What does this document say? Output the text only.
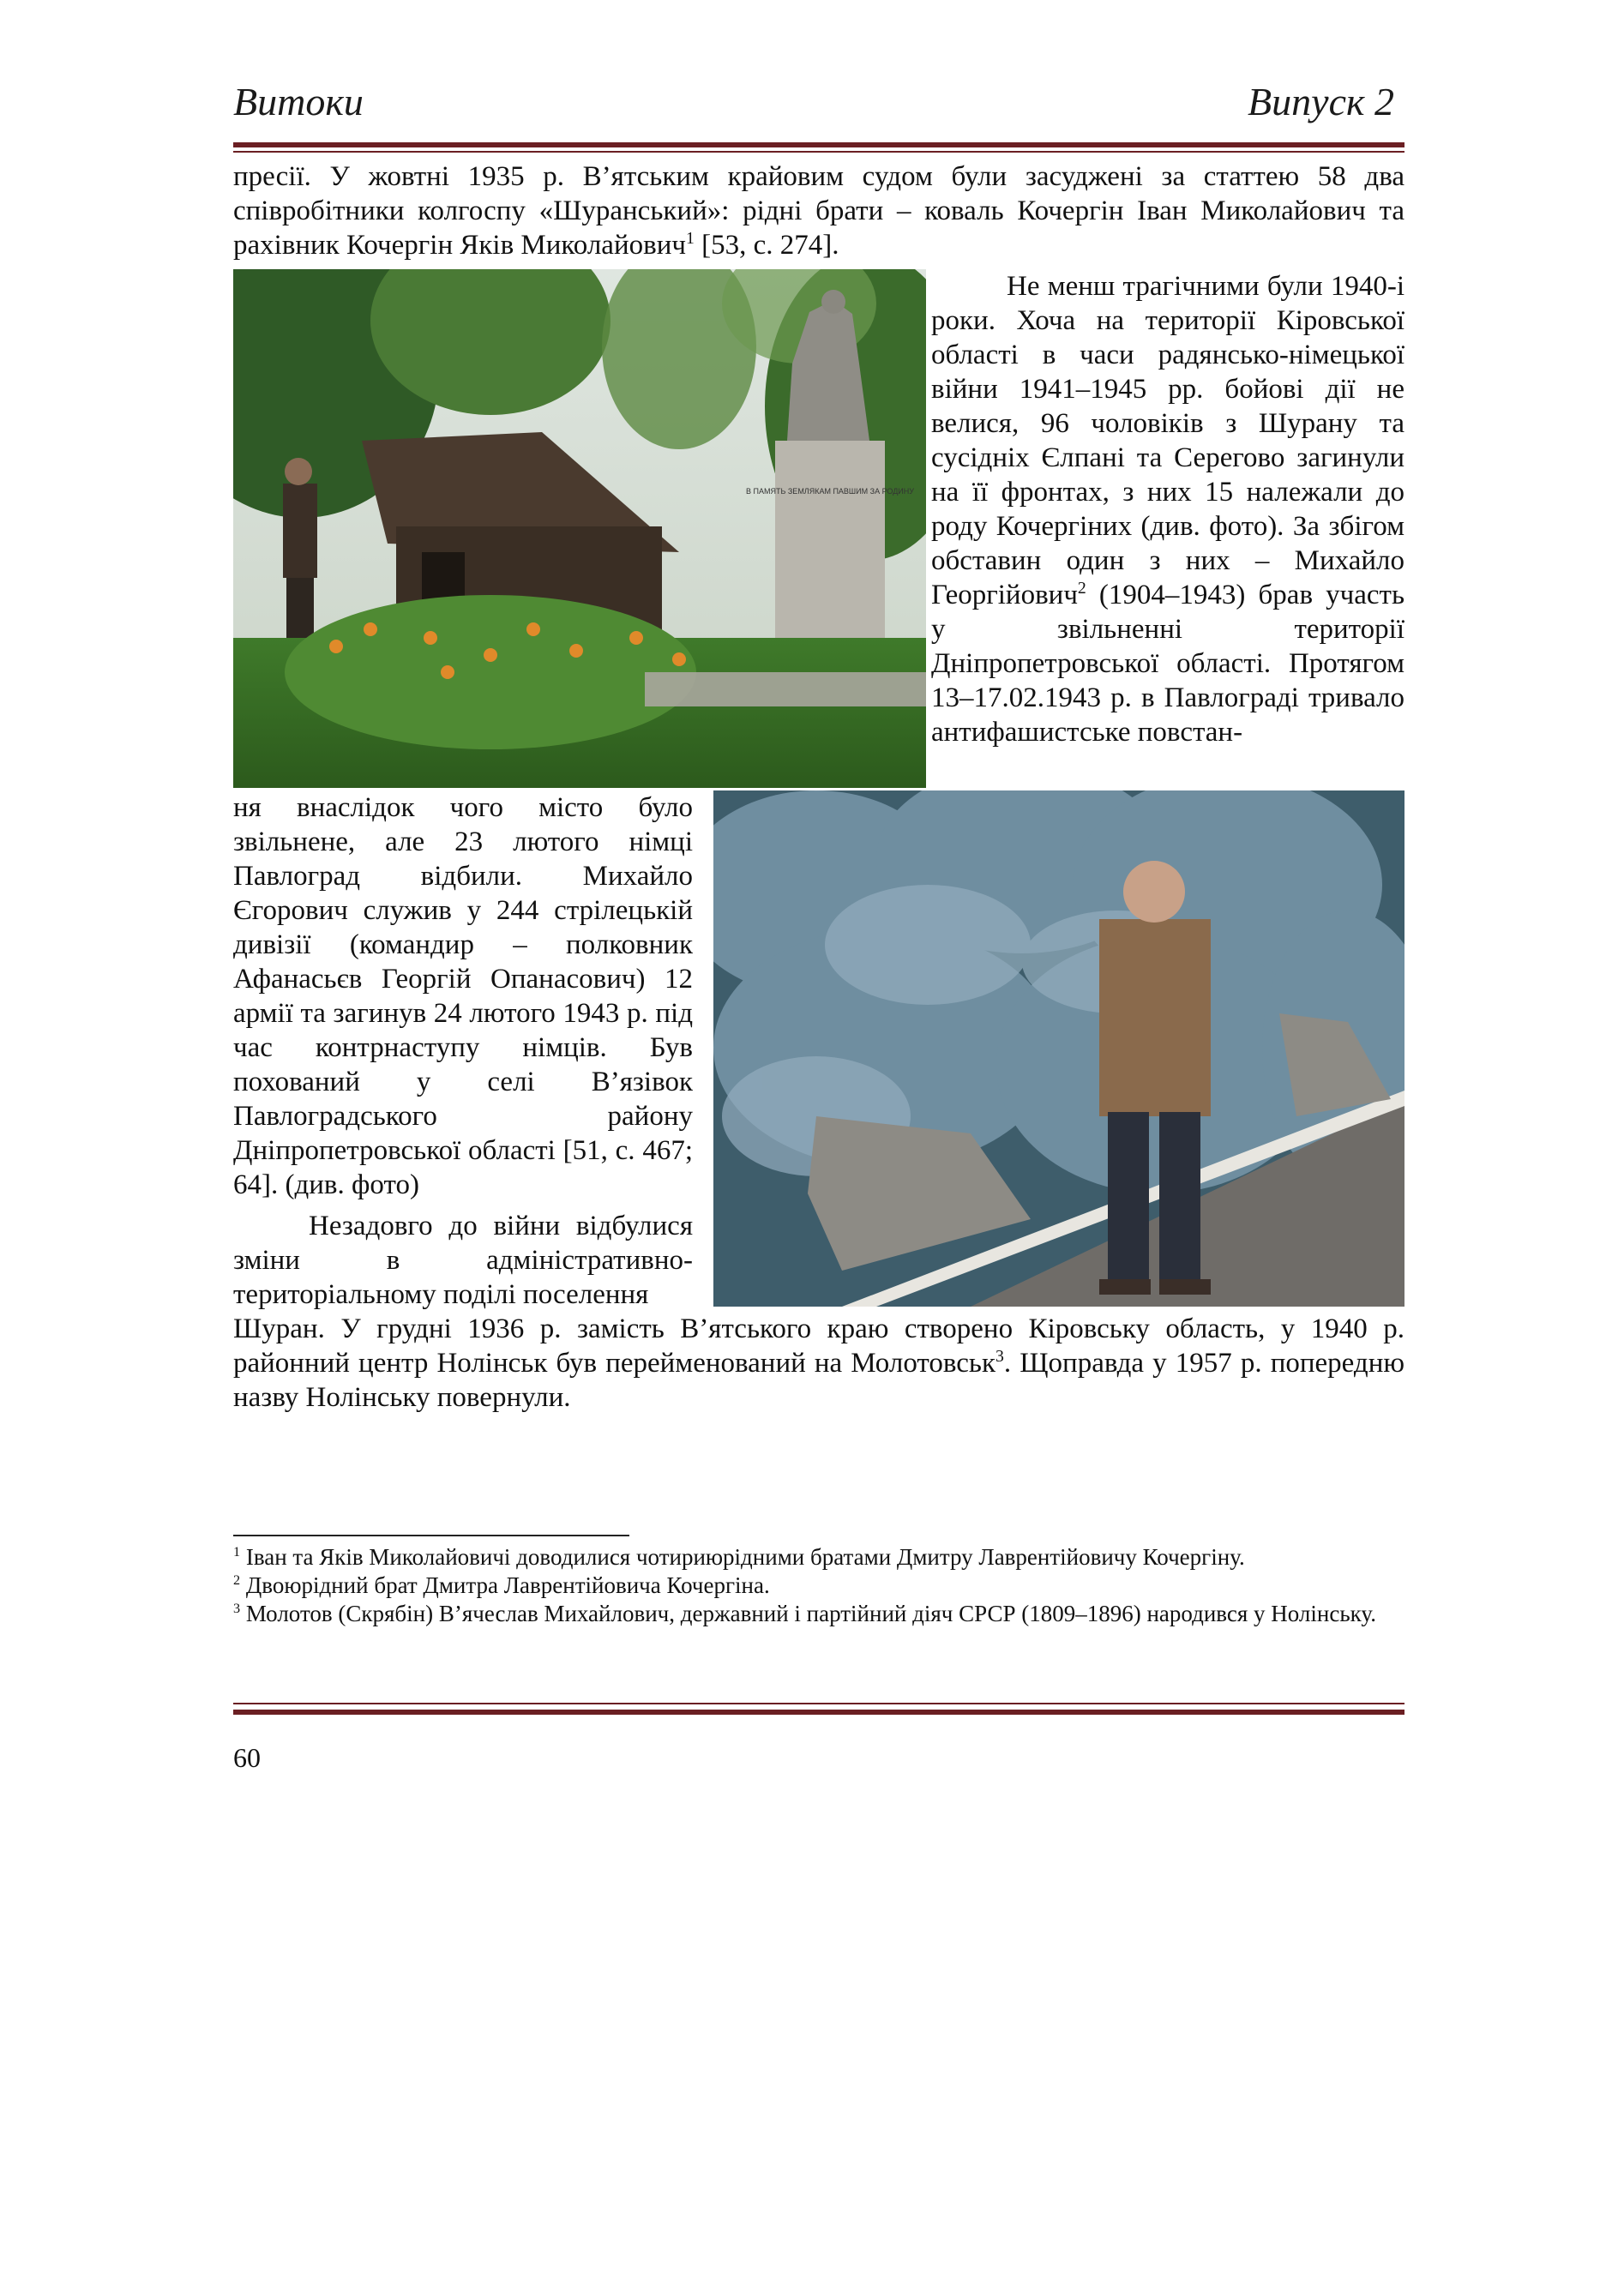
Витоки	Випуск 2
пресії. У жовтні 1935 р. В’ятським крайовим судом були засуджені за статтею 58 два співробітники колгоспу «Шуранський»: рідні брати – коваль Кочергін Іван Миколайович та рахівник Кочергін Яків Миколайович$^1$ [53, с. 274].
В ПАМЯТЬ ЗЕМЛЯКАМ ПАВШИМ ЗА РОДИНУ
Не менш трагічними були 1940-і роки. Хоча на території Кіровської області в часи радянсько-німецької війни 1941–1945 рр. бойові дії не велися, 96 чоловіків з Шурану та сусідніх Єлпані та Серегово загинули на її фронтах, з них 15 належали до роду Кочергіних (див. фото). За збігом обставин один з них – Михайло Георгійович$^2$ (1904–1943) брав участь у звільненні території Дніпропетровської області. Протягом 13–17.02.1943 р. в Павлограді тривало антифашистське повстан-
ня внаслідок чого місто було звільнене, але 23 лютого німці Павлоград відбили. Михайло Єгорович служив у 244 стрілецькій дивізії (командир – полковник Афанасьєв Георгій Опанасович) 12 армії та загинув 24 лютого 1943 р. під час контрнаступу німців. Був похований у селі В’язівок Павлоградського району Дніпропетровської області [51, с. 467; 64]. (див. фото)
Незадовго до війни відбулися зміни в адміністративно-територіальному поділі поселення
Шуран. У грудні 1936 р. замість В’ятського краю створено Кіровську область, у 1940 р. районний центр Нолінськ був перейменований на Молотовськ$^3$. Щоправда у 1957 р. попередню назву Нолінську повернули.

$^1$ Іван та Яків Миколайовичі доводилися чотириюрідними братами Дмитру Лаврентійовичу Кочергіну.

$^2$ Двоюрідний брат Дмитра Лаврентійовича Кочергіна.

$^3$ Молотов (Скрябін) В’ячеслав Михайлович, державний і партійний діяч СРСР (1809–1896) народився у Нолінську.

60
